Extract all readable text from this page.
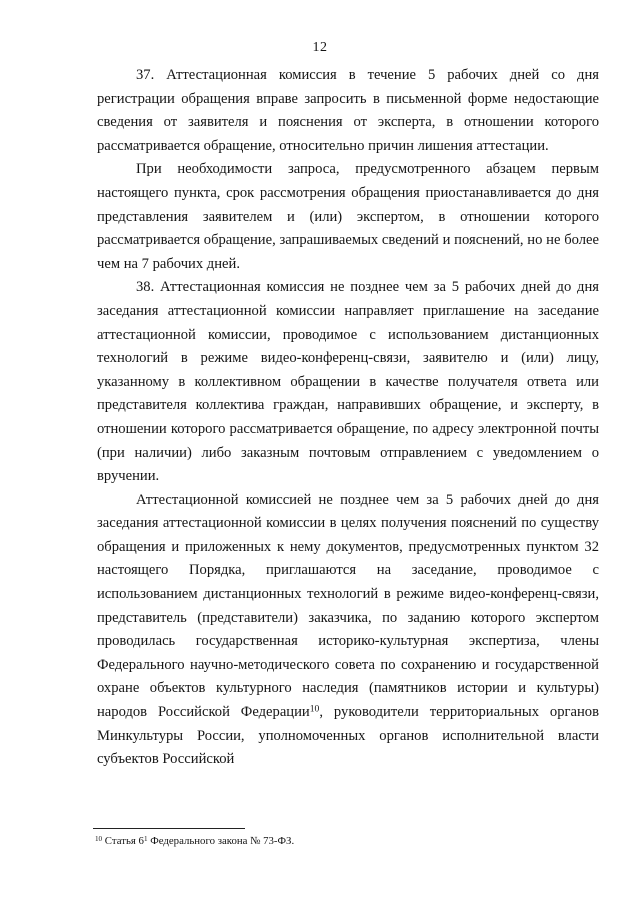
12

37. Аттестационная комиссия в течение 5 рабочих дней со дня регистрации обращения вправе запросить в письменной форме недостающие сведения от заявителя и пояснения от эксперта, в отношении которого рассматривается обращение, относительно причин лишения аттестации.

При необходимости запроса, предусмотренного абзацем первым настоящего пункта, срок рассмотрения обращения приостанавливается до дня представления заявителем и (или) экспертом, в отношении которого рассматривается обращение, запрашиваемых сведений и пояснений, но не более чем на 7 рабочих дней.

38. Аттестационная комиссия не позднее чем за 5 рабочих дней до дня заседания аттестационной комиссии направляет приглашение на заседание аттестационной комиссии, проводимое с использованием дистанционных технологий в режиме видео-конференц-связи, заявителю и (или) лицу, указанному в коллективном обращении в качестве получателя ответа или представителя коллектива граждан, направивших обращение, и эксперту, в отношении которого рассматривается обращение, по адресу электронной почты (при наличии) либо заказным почтовым отправлением с уведомлением о вручении.

Аттестационной комиссией не позднее чем за 5 рабочих дней до дня заседания аттестационной комиссии в целях получения пояснений по существу обращения и приложенных к нему документов, предусмотренных пунктом 32 настоящего Порядка, приглашаются на заседание, проводимое с использованием дистанционных технологий в режиме видео-конференц-связи, представитель (представители) заказчика, по заданию которого экспертом проводилась государственная историко-культурная экспертиза, члены Федерального научно-методического совета по сохранению и государственной охране объектов культурного наследия (памятников истории и культуры) народов Российской Федерации$^{10}$, руководители территориальных органов Минкультуры России, уполномоченных органов исполнительной власти субъектов Российской

$^{10}$ Статья $6^1$ Федерального закона № 73-ФЗ.
